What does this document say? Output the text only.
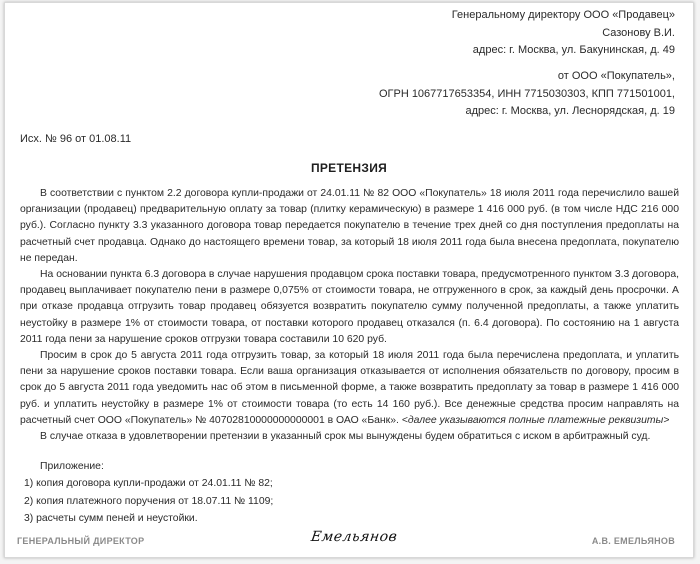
Генеральному директору ООО «Продавец»
Сазонову В.И.
адрес: г. Москва, ул. Бакунинская, д. 49
от ООО «Покупатель»,
ОГРН 1067717653354, ИНН 7715030303, КПП 771501001,
адрес: г. Москва, ул. Леснорядская, д. 19
Исх. № 96 от 01.08.11
ПРЕТЕНЗИЯ

В соответствии с пунктом 2.2 договора купли-продажи от 24.01.11 № 82 ООО «Покупатель» 18 июля 2011 года перечислило вашей организации (продавец) предварительную оплату за товар (плитку керамическую) в размере 1 416 000 руб. (в том числе НДС 216 000 руб.). Согласно пункту 3.3 указанного договора товар передается покупателю в течение трех дней со дня поступления предоплаты на расчетный счет продавца. Однако до настоящего времени товар, за который 18 июля 2011 года была внесена предоплата, покупателю не передан.

На основании пункта 6.3 договора в случае нарушения продавцом срока поставки товара, предусмотренного пунктом 3.3 договора, продавец выплачивает покупателю пени в размере 0,075% от стоимости товара, не отгруженного в срок, за каждый день просрочки. А при отказе продавца отгрузить товар продавец обязуется возвратить покупателю сумму полученной предоплаты, а также уплатить неустойку в размере 1% от стоимости товара, от поставки которого продавец отказался (п. 6.4 договора). По состоянию на 1 августа 2011 года пени за нарушение сроков отгрузки товара составили 10 620 руб.

Просим в срок до 5 августа 2011 года отгрузить товар, за который 18 июля 2011 года была перечислена предоплата, и уплатить пени за нарушение сроков поставки товара. Если ваша организация отказывается от исполнения обязательств по договору, просим в срок до 5 августа 2011 года уведомить нас об этом в письменной форме, а также возвратить предоплату за товар в размере 1 416 000 руб. и уплатить неустойку в размере 1% от стоимости товара (то есть 14 160 руб.). Все денежные средства просим направлять на расчетный счет ООО «Покупатель» № 40702810000000000001 в ОАО «Банк». <далее указываются полные платежные реквизиты>

В случае отказа в удовлетворении претензии в указанный срок мы вынуждены будем обратиться с иском в арбитражный суд.

Приложение:
1) копия договора купли-продажи от 24.01.11 № 82;
2) копия платежного поручения от 18.07.11 № 1109;
3) расчеты сумм пеней и неустойки.
ГЕНЕРАЛЬНЫЙ ДИРЕКТОР	Емельянов	А.В. ЕМЕЛЬЯНОВ
